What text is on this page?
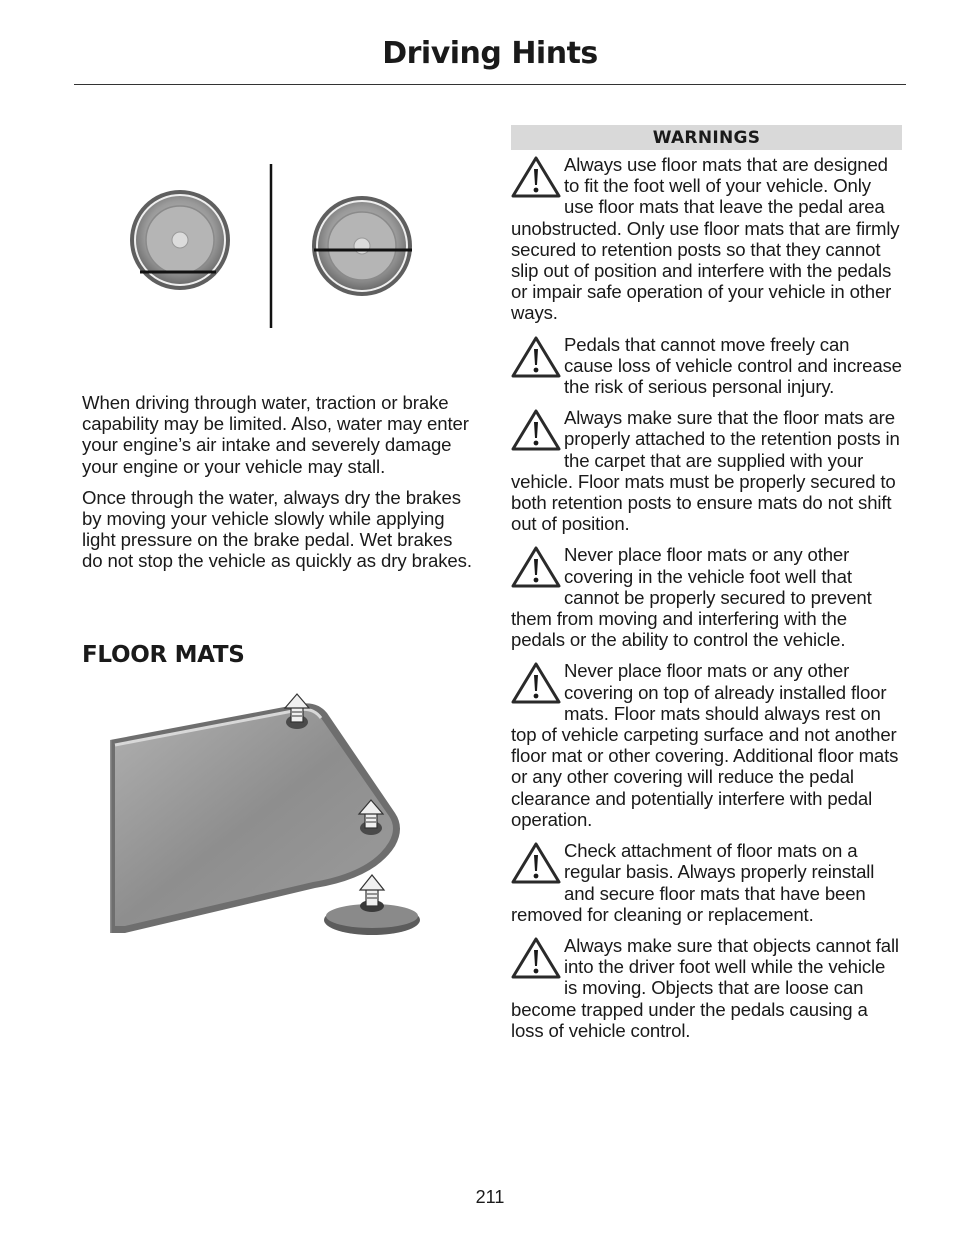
Driving Hints

When driving through water, traction or brake capability may be limited. Also, water may enter your engine’s air intake and severely damage your engine or your vehicle may stall.

Once through the water, always dry the brakes by moving your vehicle slowly while applying light pressure on the brake pedal. Wet brakes do not stop the vehicle as quickly as dry brakes.

FLOOR MATS
WARNINGS

Always use floor mats that are designed to fit the foot well of your vehicle. Only use floor mats that leave the pedal area unobstructed. Only use floor mats that are firmly secured to retention posts so that they cannot slip out of position and interfere with the pedals or impair safe operation of your vehicle in other ways.

Pedals that cannot move freely can cause loss of vehicle control and increase the risk of serious personal injury.

Always make sure that the floor mats are properly attached to the retention posts in the carpet that are supplied with your vehicle. Floor mats must be properly secured to both retention posts to ensure mats do not shift out of position.

Never place floor mats or any other covering in the vehicle foot well that cannot be properly secured to prevent them from moving and interfering with the pedals or the ability to control the vehicle.

Never place floor mats or any other covering on top of already installed floor mats. Floor mats should always rest on top of vehicle carpeting surface and not another floor mat or other covering. Additional floor mats or any other covering will reduce the pedal clearance and potentially interfere with pedal operation.

Check attachment of floor mats on a regular basis. Always properly reinstall and secure floor mats that have been removed for cleaning or replacement.

Always make sure that objects cannot fall into the driver foot well while the vehicle is moving. Objects that are loose can become trapped under the pedals causing a loss of vehicle control.

211
